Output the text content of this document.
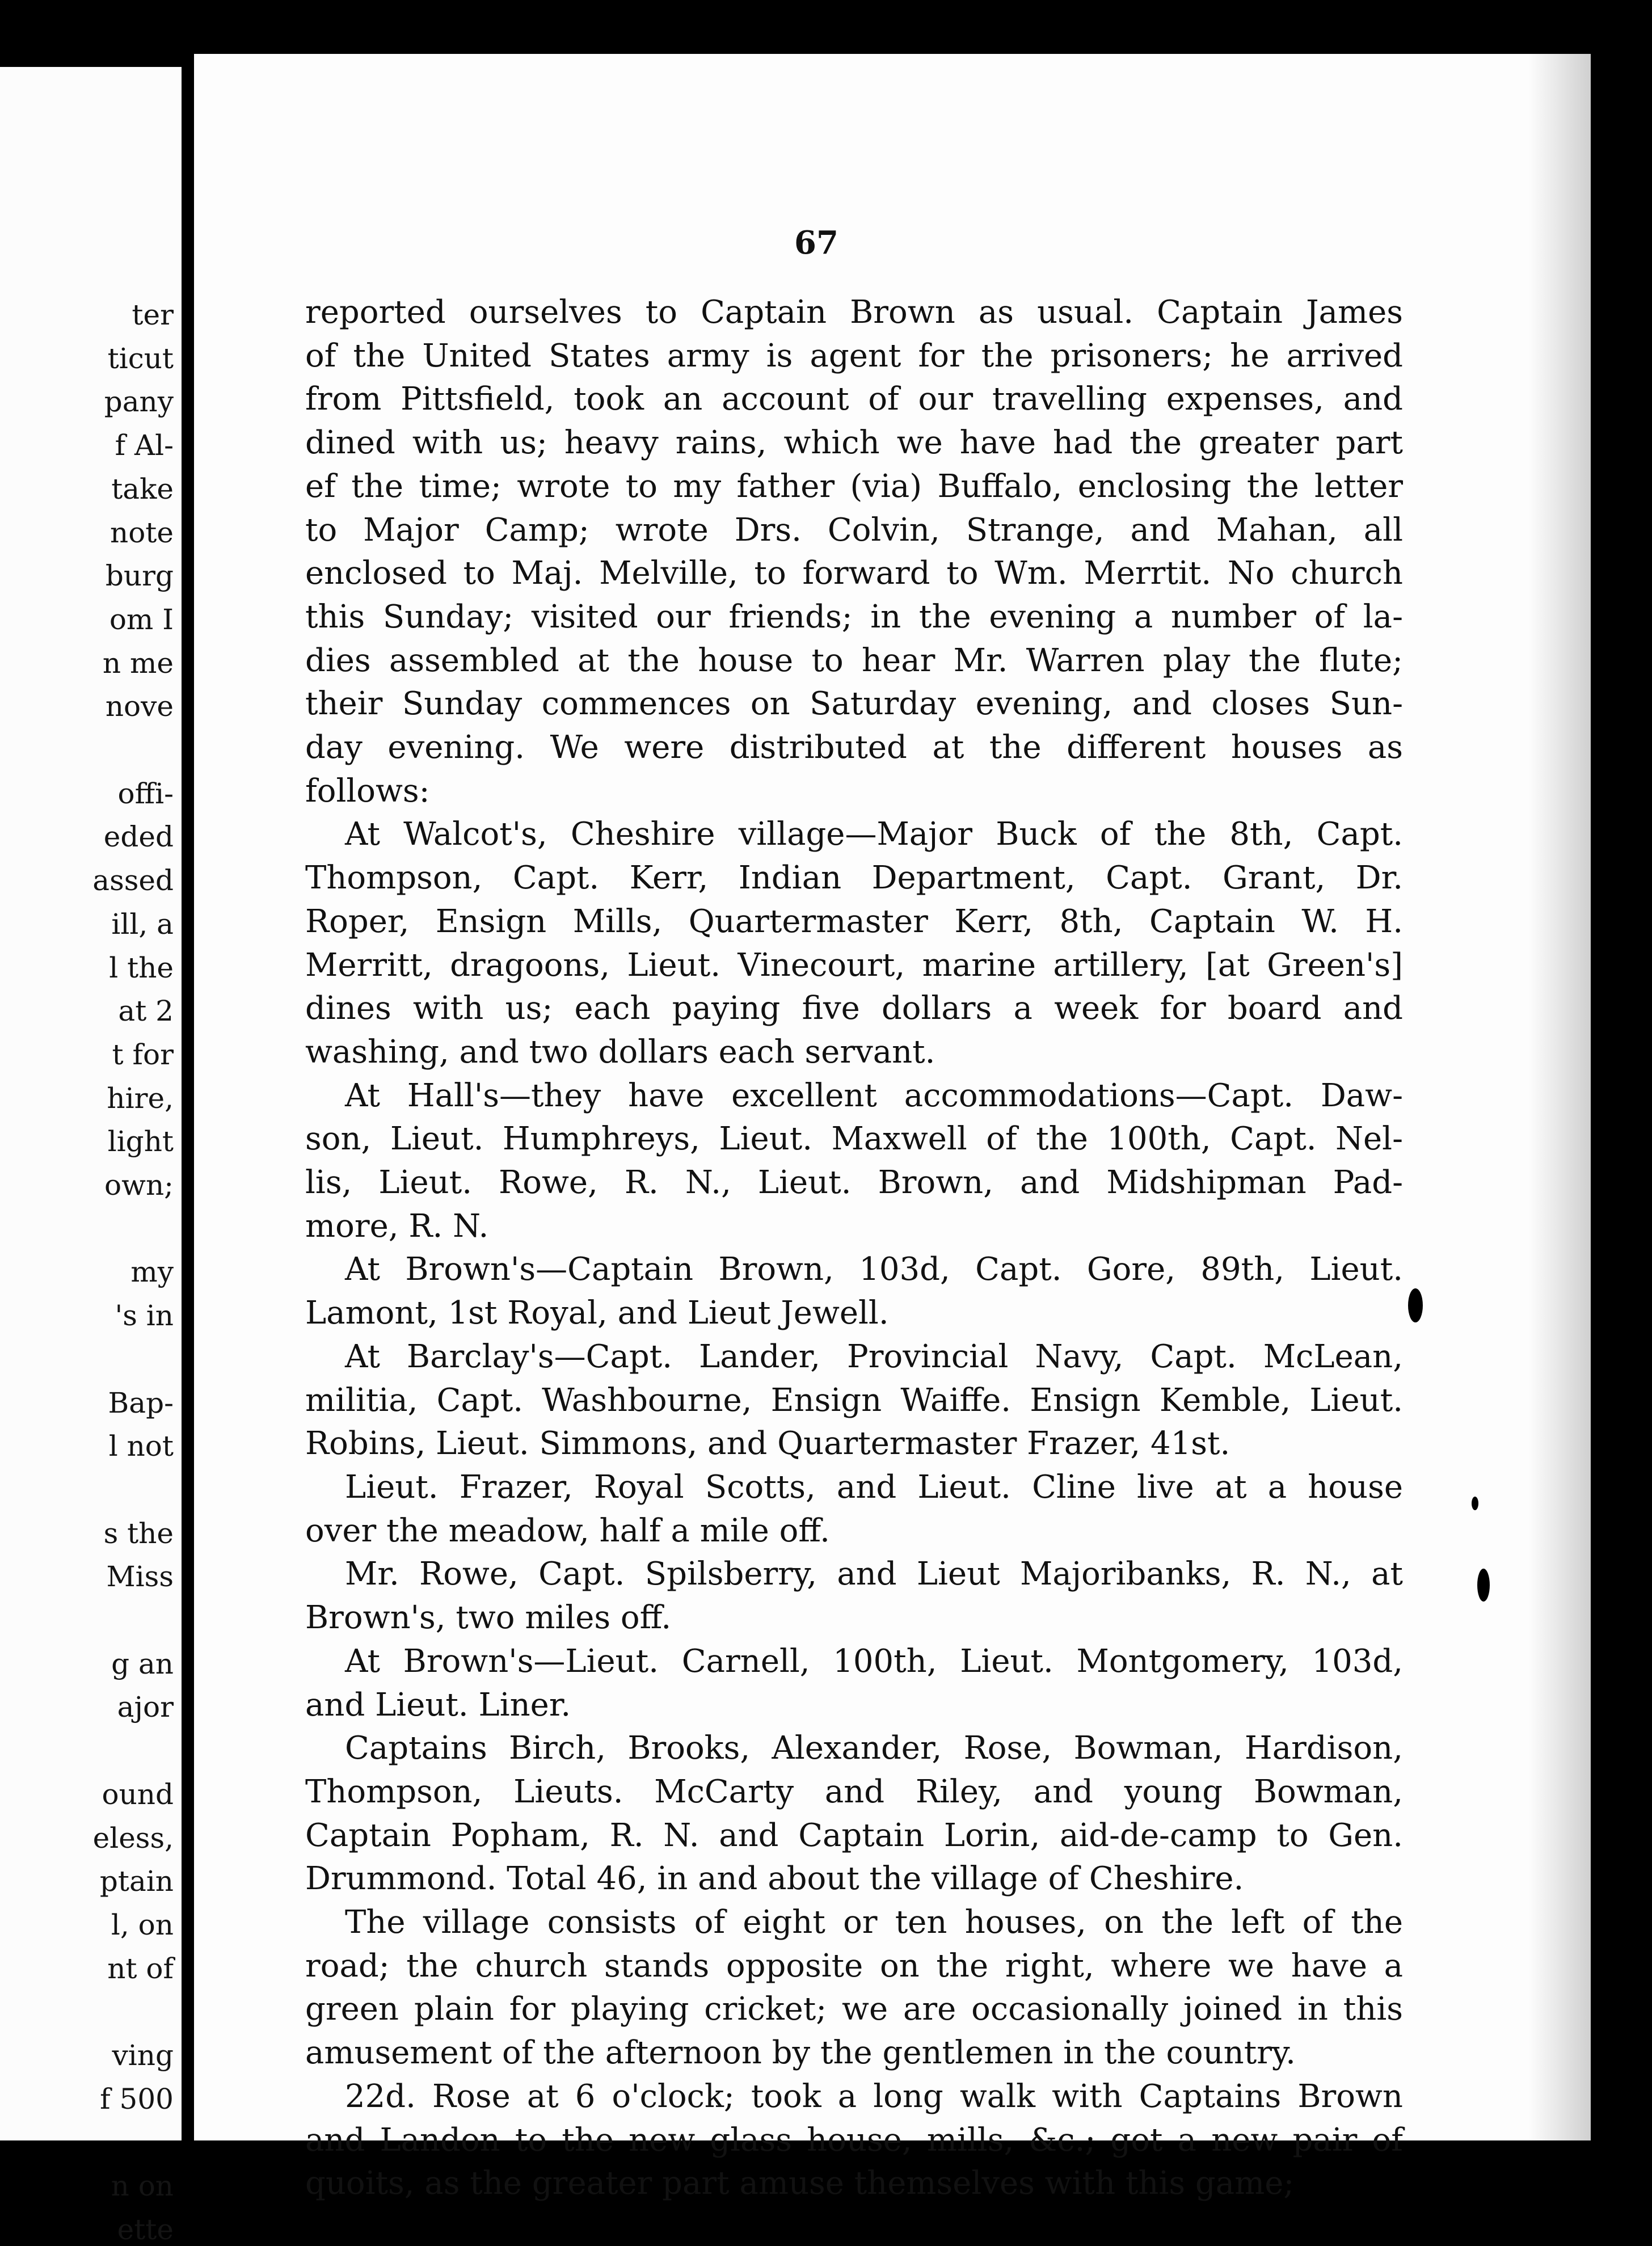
ter

ticut

pany

f Al-

take

note

burg

om I

n me

nove

offi-

eded

assed

ill, a

l the

at 2

t for

hire,

light

own;

my

's in

Bap-

l not

s the

Miss

g an

ajor

ound

eless,

ptain

l, on

nt of

ving

f 500

n on

ette

67

reported ourselves to Captain Brown as usual. Captain James
of the United States army is agent for the prisoners; he arrived
from Pittsfield, took an account of our travelling expenses, and
dined with us; heavy rains, which we have had the greater part
ef the time; wrote to my father (via) Buffalo, enclosing the letter
to Major Camp; wrote Drs. Colvin, Strange, and Mahan, all
enclosed to Maj. Melville, to forward to Wm. Merrtit. No church
this Sunday; visited our friends; in the evening a number of la-
dies assembled at the house to hear Mr. Warren play the flute;
their Sunday commences on Saturday evening, and closes Sun-
day evening. We were distributed at the different houses as
follows:

At Walcot's, Cheshire village—Major Buck of the 8th, Capt.
Thompson, Capt. Kerr, Indian Department, Capt. Grant, Dr.
Roper, Ensign Mills, Quartermaster Kerr, 8th, Captain W. H.
Merritt, dragoons, Lieut. Vinecourt, marine artillery, [at Green's]
dines with us; each paying five dollars a week for board and
washing, and two dollars each servant.

At Hall's—they have excellent accommodations—Capt. Daw-
son, Lieut. Humphreys, Lieut. Maxwell of the 100th, Capt. Nel-
lis, Lieut. Rowe, R. N., Lieut. Brown, and Midshipman Pad-
more, R. N.

At Brown's—Captain Brown, 103d, Capt. Gore, 89th, Lieut.
Lamont, 1st Royal, and Lieut Jewell.

At Barclay's—Capt. Lander, Provincial Navy, Capt. McLean,
militia, Capt. Washbourne, Ensign Waiffe. Ensign Kemble, Lieut.
Robins, Lieut. Simmons, and Quartermaster Frazer, 41st.

Lieut. Frazer, Royal Scotts, and Lieut. Cline live at a house
over the meadow, half a mile off.

Mr. Rowe, Capt. Spilsberry, and Lieut Majoribanks, R. N., at
Brown's, two miles off.

At Brown's—Lieut. Carnell, 100th, Lieut. Montgomery, 103d,
and Lieut. Liner.

Captains Birch, Brooks, Alexander, Rose, Bowman, Hardison,
Thompson, Lieuts. McCarty and Riley, and young Bowman,
Captain Popham, R. N. and Captain Lorin, aid-de-camp to Gen.
Drummond. Total 46, in and about the village of Cheshire.

The village consists of eight or ten houses, on the left of the
road; the church stands opposite on the right, where we have a
green plain for playing cricket; we are occasionally joined in this
amusement of the afternoon by the gentlemen in the country.

22d. Rose at 6 o'clock; took a long walk with Captains Brown
and Landon to the new glass house, mills, &c.; got a new pair of
quoits, as the greater part amuse themselves with this game;
